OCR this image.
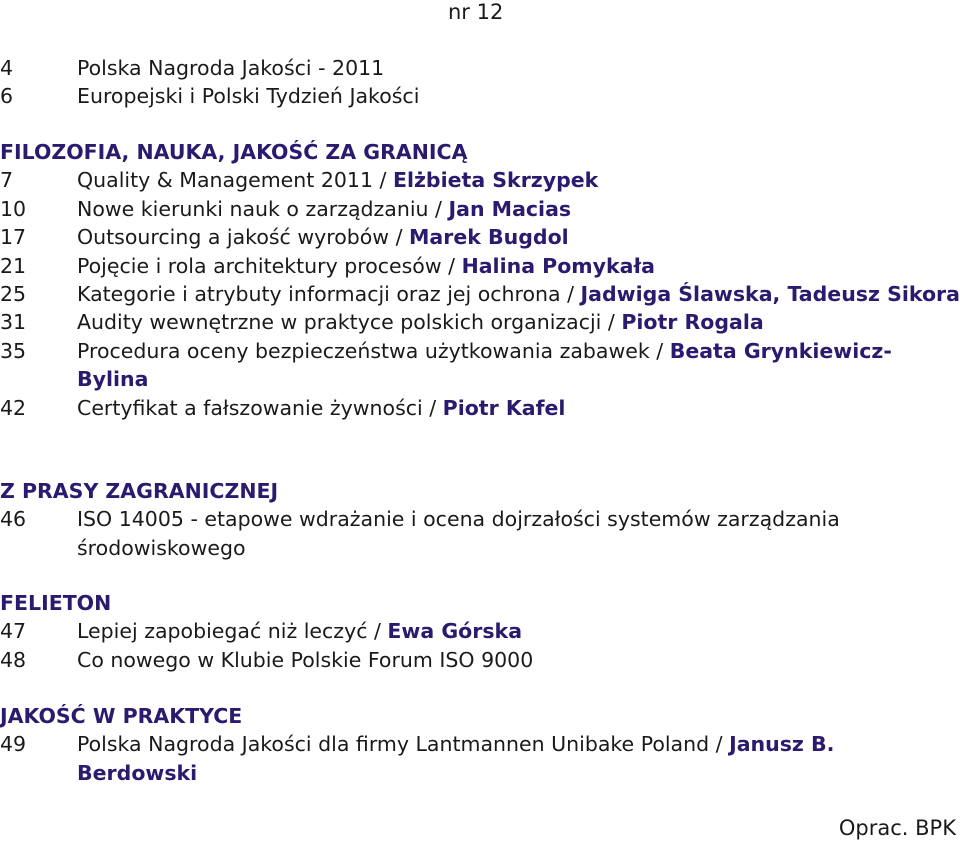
nr 12
4	Polska Nagroda Jakości - 2011
6	Europejski i Polski Tydzień Jakości
FILOZOFIA, NAUKA, JAKOŚĆ ZA GRANICĄ
7	Quality & Management 2011 / Elżbieta Skrzypek
10	Nowe kierunki nauk o zarządzaniu / Jan Macias
17	Outsourcing a jakość wyrobów / Marek Bugdol
21	Pojęcie i rola architektury procesów / Halina Pomykała
25	Kategorie i atrybuty informacji oraz jej ochrona / Jadwiga Ślawska, Tadeusz Sikora
31	Audity wewnętrzne w praktyce polskich organizacji / Piotr Rogala
35	Procedura oceny bezpieczeństwa użytkowania zabawek / Beata Grynkiewicz-Bylina
42	Certyfikat a fałszowanie żywności / Piotr Kafel
Z PRASY ZAGRANICZNEJ
46	ISO 14005 - etapowe wdrażanie i ocena dojrzałości systemów zarządzania środowiskowego
FELIETON
47	Lepiej zapobiegać niż leczyć / Ewa Górska
48	Co nowego w Klubie Polskie Forum ISO 9000
JAKOŚĆ W PRAKTYCE
49	Polska Nagroda Jakości dla firmy Lantmannen Unibake Poland / Janusz B. Berdowski
Oprac. BPK
